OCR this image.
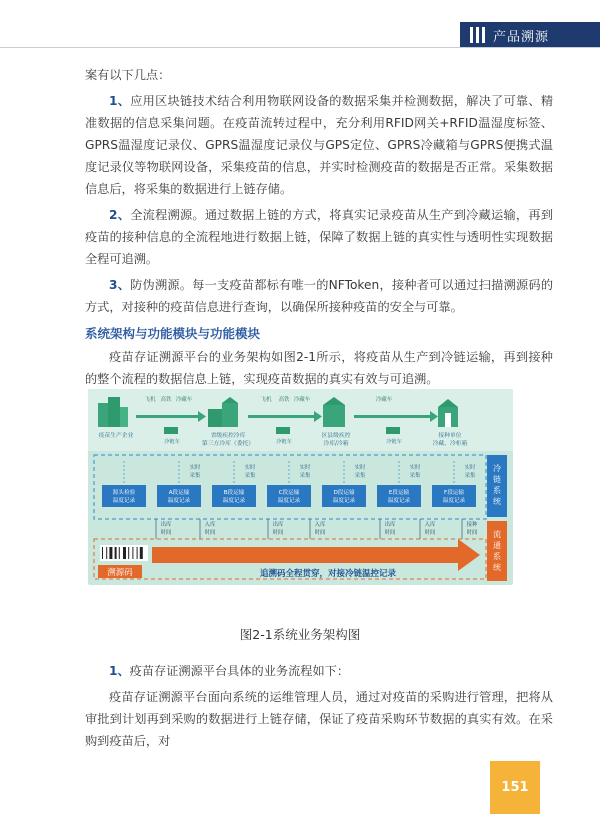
产品溯源

案有以下几点：

1、应用区块链技术结合利用物联网设备的数据采集并检测数据，解决了可靠、精准数据的信息采集问题。在疫苗流转过程中，充分利用RFID网关+RFID温湿度标签、GPRS温湿度记录仪、GPRS温湿度记录仪与GPS定位、GPRS冷藏箱与GPRS便携式温度记录仪等物联网设备，采集疫苗的信息，并实时检测疫苗的数据是否正常。采集数据信息后，将采集的数据进行上链存储。

2、全流程溯源。通过数据上链的方式，将真实记录疫苗从生产到冷藏运输，再到疫苗的接种信息的全流程地进行数据上链，保障了数据上链的真实性与透明性实现数据全程可追溯。

3、防伪溯源。每一支疫苗都标有唯一的NFToken，接种者可以通过扫描溯源码的方式，对接种的疫苗信息进行查询，以确保所接种疫苗的安全与可靠。

系统架构与功能模块与功能模块

疫苗存证溯源平台的业务架构如图2-1所示，将疫苗从生产到冷链运输，再到接种的整个流程的数据信息上链，实现疫苗数据的真实有效与可追溯。

飞机 高铁 冷藏车	飞机 高铁 冷藏车	冷藏车
疫苗生产企业	省级疾控冷库
第三方冷库（委托）
区县级疾控
冷库/冷箱
接种单位
冷藏、冷柜箱
冷链车	冷链车	冷链车
源头检验
温度记录
A段运输
温度记录
B段运输
温度记录
C段运输
温度记录
D段运输
温度记录
E段运输
温度记录
F段运输
温度记录
实时
采集
实时
采集
实时
采集
实时
采集
实时
采集
实时
采集
冷链系统
流通系统
出库
时间
入库
时间
出库
时间
入库
时间
出库
时间
入库
时间
接种
时间
溯源码	追溯码全程贯穿，对接冷链温控记录
图2-1系统业务架构图

1、疫苗存证溯源平台具体的业务流程如下：

疫苗存证溯源平台面向系统的运维管理人员，通过对疫苗的采购进行管理，把将从审批到计划再到采购的数据进行上链存储，保证了疫苗采购环节数据的真实有效。在采购到疫苗后，对

151
